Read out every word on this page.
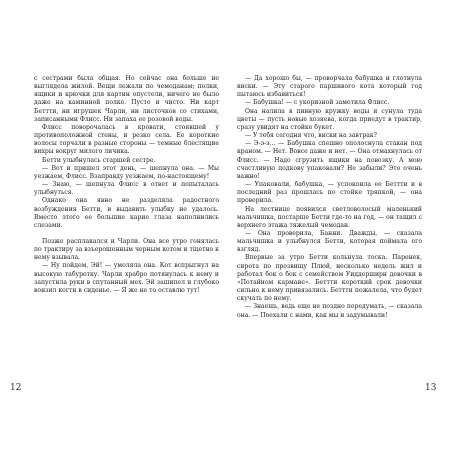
с сестрами была общая. Но сейчас она больше не выглядела жилой. Вещи лежали по чемоданам; полки, ящики и крючки для картин опустели, ничего не было даже на каминной полке. Пусто и чисто. Ни карт Беттти, ни игрушек Чарли, ни листочков со стихами, записанными Флисс. Ни запаха ее розовой воды.

Флисс поворочалась в кровати, стоявшей у противоположной стены, и резко села. Ее короткие волосы торчали в разные стороны — темные блестящие вихры вокруг милого личика.

Бетти улыбнулась старшей сестре.

— Вот и пришел этот день, — шепнула она. — Мы уезжаем, Флисс. Взаправду уезжаем, по-настоящему!

— Знаю, — шепнула Флисс в ответ и попыталась улыбнуться.

Однако она явно не разделяла радостного возбуждения Бетти, и выдавить улыбку не удалось. Вместо этого ее большие карие глаза наполнились слезами.

Позже расплакался и Чарли. Она все утро гонялась по трактиру за взъерошенным черным котом и тщетно к нему взывала.

— Ну пойдем, Эй! — умоляла она. Кот вспрыгнул на высокую табуретку. Чарли храбро потянулась к нему и запустила руки в спутанный мех. Эй зашипел и глубоко вонзил когти в сиденье. — Я же не то оставлю тут!

— Да хорошо бы, — проворчала бабушка и глотнула виски. — Эту старого паршивого кота который год пытаюсь избавиться!

— Бабушка! — с укоризной заметила Флисс.

Она налила в пивную кружку воды и сунула туда цветы — пусть новые хозяева, когда приедут в трактир, сразу увидят на стойке букет.

— У тебя сегодня что, виски на завтрак?

— Э-э-э... — Бабушка спешно ополоснула стакан под краном. — Нет. Вовсе даже и нет. — Она отмахнулась от Флисс. — Надо сгрузить ящики на повозку. А мою счастливую подкову упаковали? Не забыли? Это очень важно!

— Упаковали, бабушка, — успокоила ее Беттти и в последний раз прошлась по стойке тряпкой, — она проверила.

На лестнице появился светловолосый маленький мальчишка, постарше Бетти где-то на год, — он тащил с верхнего этажа тяжелый чемодан.

— Она проверила, Банни. Дважды, — сказала мальчишка и улыбнулся Бетти, которая поймала его взгляд.

Впервые за утро Бетти кольнула тоска. Паренек, сирота по прозвищу Плюй, несколько недель жил и работал бок о бок с семейством Уиддерширн девочки в «Потайном кармане». Беттти короткий срок девочки сильно к нему привязались. Беттти пожалела, что будет скучать по нему.

— Знаешь, ведь еще не поздно передумать, — сказала она. — Поехали с нами, как мы и задумывали!

12	13
